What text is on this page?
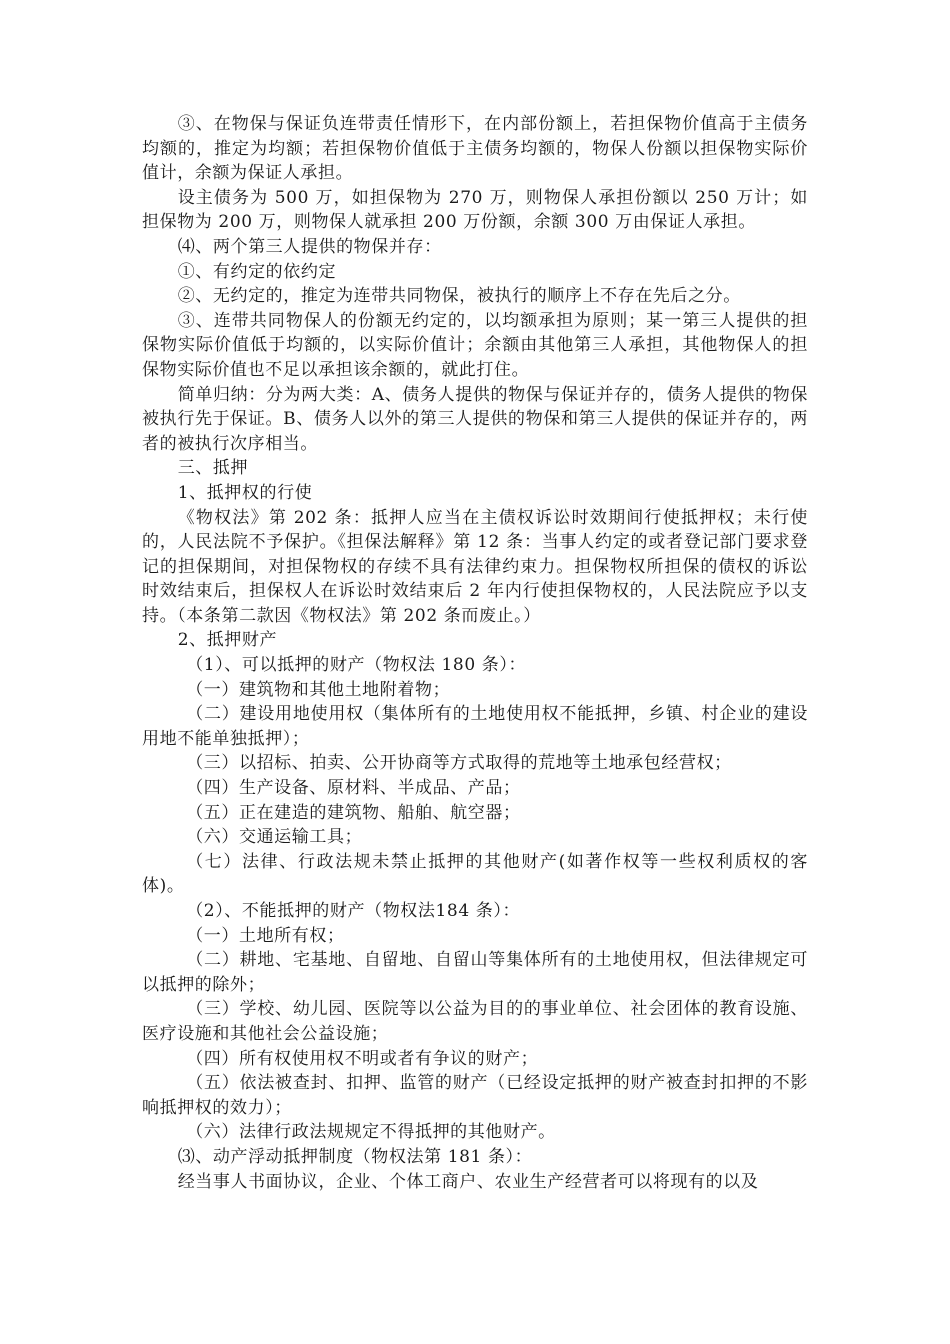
③、在物保与保证负连带责任情形下，在内部份额上，若担保物价值高于主债务均额的，推定为均额；若担保物价值低于主债务均额的，物保人份额以担保物实际价值计，余额为保证人承担。

设主债务为 500 万，如担保物为 270 万，则物保人承担份额以 250 万计；如担保物为 200 万，则物保人就承担 200 万份额，余额 300 万由保证人承担。

⑷、两个第三人提供的物保并存：

①、有约定的依约定

②、无约定的，推定为连带共同物保，被执行的顺序上不存在先后之分。

③、连带共同物保人的份额无约定的，以均额承担为原则；某一第三人提供的担保物实际价值低于均额的，以实际价值计；余额由其他第三人承担，其他物保人的担保物实际价值也不足以承担该余额的，就此打住。

简单归纳：分为两大类：A、债务人提供的物保与保证并存的，债务人提供的物保被执行先于保证。B、债务人以外的第三人提供的物保和第三人提供的保证并存的，两者的被执行次序相当。

三、抵押

1、抵押权的行使

《物权法》第 202 条：抵押人应当在主债权诉讼时效期间行使抵押权；未行使的，人民法院不予保护。《担保法解释》第 12 条：当事人约定的或者登记部门要求登记的担保期间，对担保物权的存续不具有法律约束力。担保物权所担保的债权的诉讼时效结束后，担保权人在诉讼时效结束后 2 年内行使担保物权的，人民法院应予以支持。（本条第二款因《物权法》第 202 条而废止。）

2、抵押财产

（1）、可以抵押的财产（物权法 180 条）：

（一）建筑物和其他土地附着物；

（二）建设用地使用权（集体所有的土地使用权不能抵押，乡镇、村企业的建设用地不能单独抵押）；

（三）以招标、拍卖、公开协商等方式取得的荒地等土地承包经营权；

（四）生产设备、原材料、半成品、产品；

（五）正在建造的建筑物、船舶、航空器；

（六）交通运输工具；

（七）法律、行政法规未禁止抵押的其他财产(如著作权等一些权利质权的客体)。

（2）、不能抵押的财产（物权法184 条）：

（一）土地所有权；

（二）耕地、宅基地、自留地、自留山等集体所有的土地使用权，但法律规定可以抵押的除外；

（三）学校、幼儿园、医院等以公益为目的的事业单位、社会团体的教育设施、医疗设施和其他社会公益设施；

（四）所有权使用权不明或者有争议的财产；

（五）依法被查封、扣押、监管的财产（已经设定抵押的财产被查封扣押的不影响抵押权的效力）；

（六）法律行政法规规定不得抵押的其他财产。

⑶、动产浮动抵押制度（物权法第 181 条）：

经当事人书面协议，企业、个体工商户、农业生产经营者可以将现有的以及
